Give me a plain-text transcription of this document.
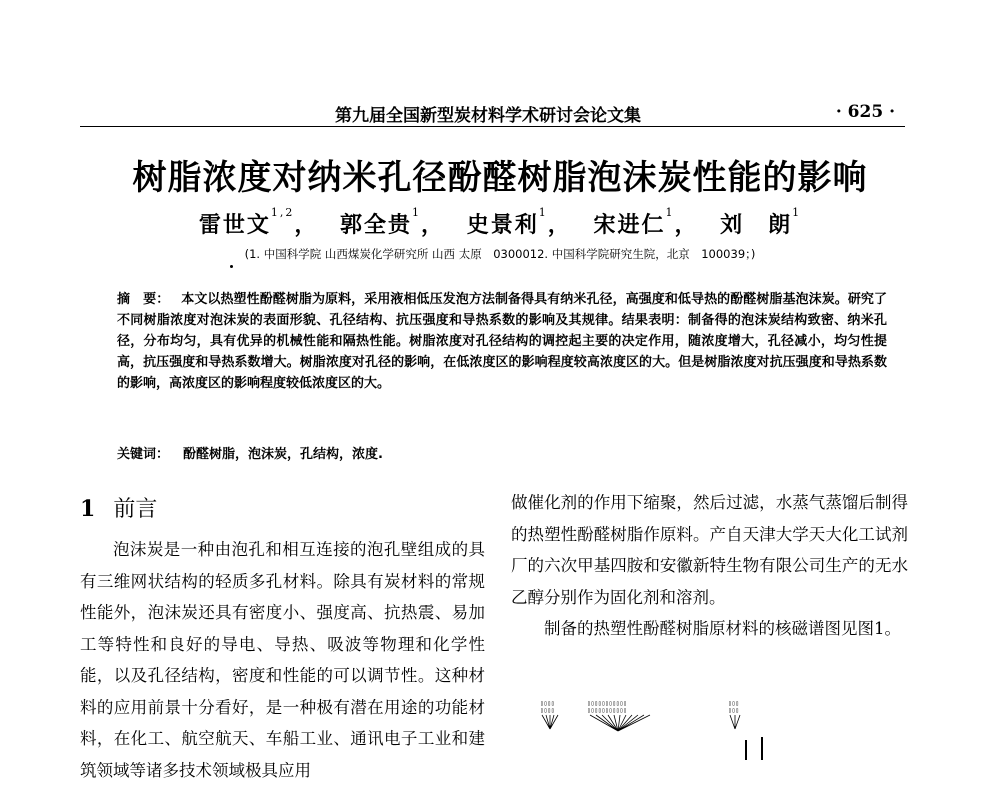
第九届全国新型炭材料学术研讨会论文集	· 625 ·
树脂浓度对纳米孔径酚醛树脂泡沫炭性能的影响
雷世文$^{1,2}$， 郭全贵$^1$， 史景利$^1$， 宋进仁$^1$， 刘　朗$^1$
(1. 中国科学院 山西煤炭化学研究所 山西 太原　0300012. 中国科学院研究生院，北京　100039；)
摘　要： 本文以热塑性酚醛树脂为原料，采用液相低压发泡方法制备得具有纳米孔径，高强度和低导热的酚醛树脂基泡沫炭。研究了不同树脂浓度对泡沫炭的表面形貌、孔径结构、抗压强度和导热系数的影响及其规律。结果表明：制备得的泡沫炭结构致密、纳米孔径，分布均匀，具有优异的机械性能和隔热性能。树脂浓度对孔径结构的调控起主要的决定作用，随浓度增大，孔径减小，均匀性提高，抗压强度和导热系数增大。树脂浓度对孔径的影响，在低浓度区的影响程度较高浓度区的大。但是树脂浓度对抗压强度和导热系数的影响，高浓度区的影响程度较低浓度区的大。
关键词： 酚醛树脂，泡沫炭，孔结构，浓度.
1 前言

泡沫炭是一种由泡孔和相互连接的泡孔壁组成的具有三维网状结构的轻质多孔材料。除具有炭材料的常规性能外，泡沫炭还具有密度小、强度高、抗热震、易加工等特性和良好的导电、导热、吸波等物理和化学性能，以及孔径结构，密度和性能的可以调节性。这种材料的应用前景十分看好，是一种极有潜在用途的功能材料，在化工、航空航天、车船工业、通讯电子工业和建筑领域等诸多技术领域极具应用

做催化剂的作用下缩聚，然后过滤，水蒸气蒸馏后制得的热塑性酚醛树脂作原料。产自天津大学天大化工试剂厂的六次甲基四胺和安徽新特生物有限公司生产的无水乙醇分别作为固化剂和溶剂。

制备的热塑性酚醛树脂原材料的核磁谱图见图1。

▯▯▯▯
▯▯▯▯
▯▯▯▯▯▯▯▯▯▯▯
▯▯▯▯▯▯▯▯▯▯▯
▯▯▯
▯▯▯
